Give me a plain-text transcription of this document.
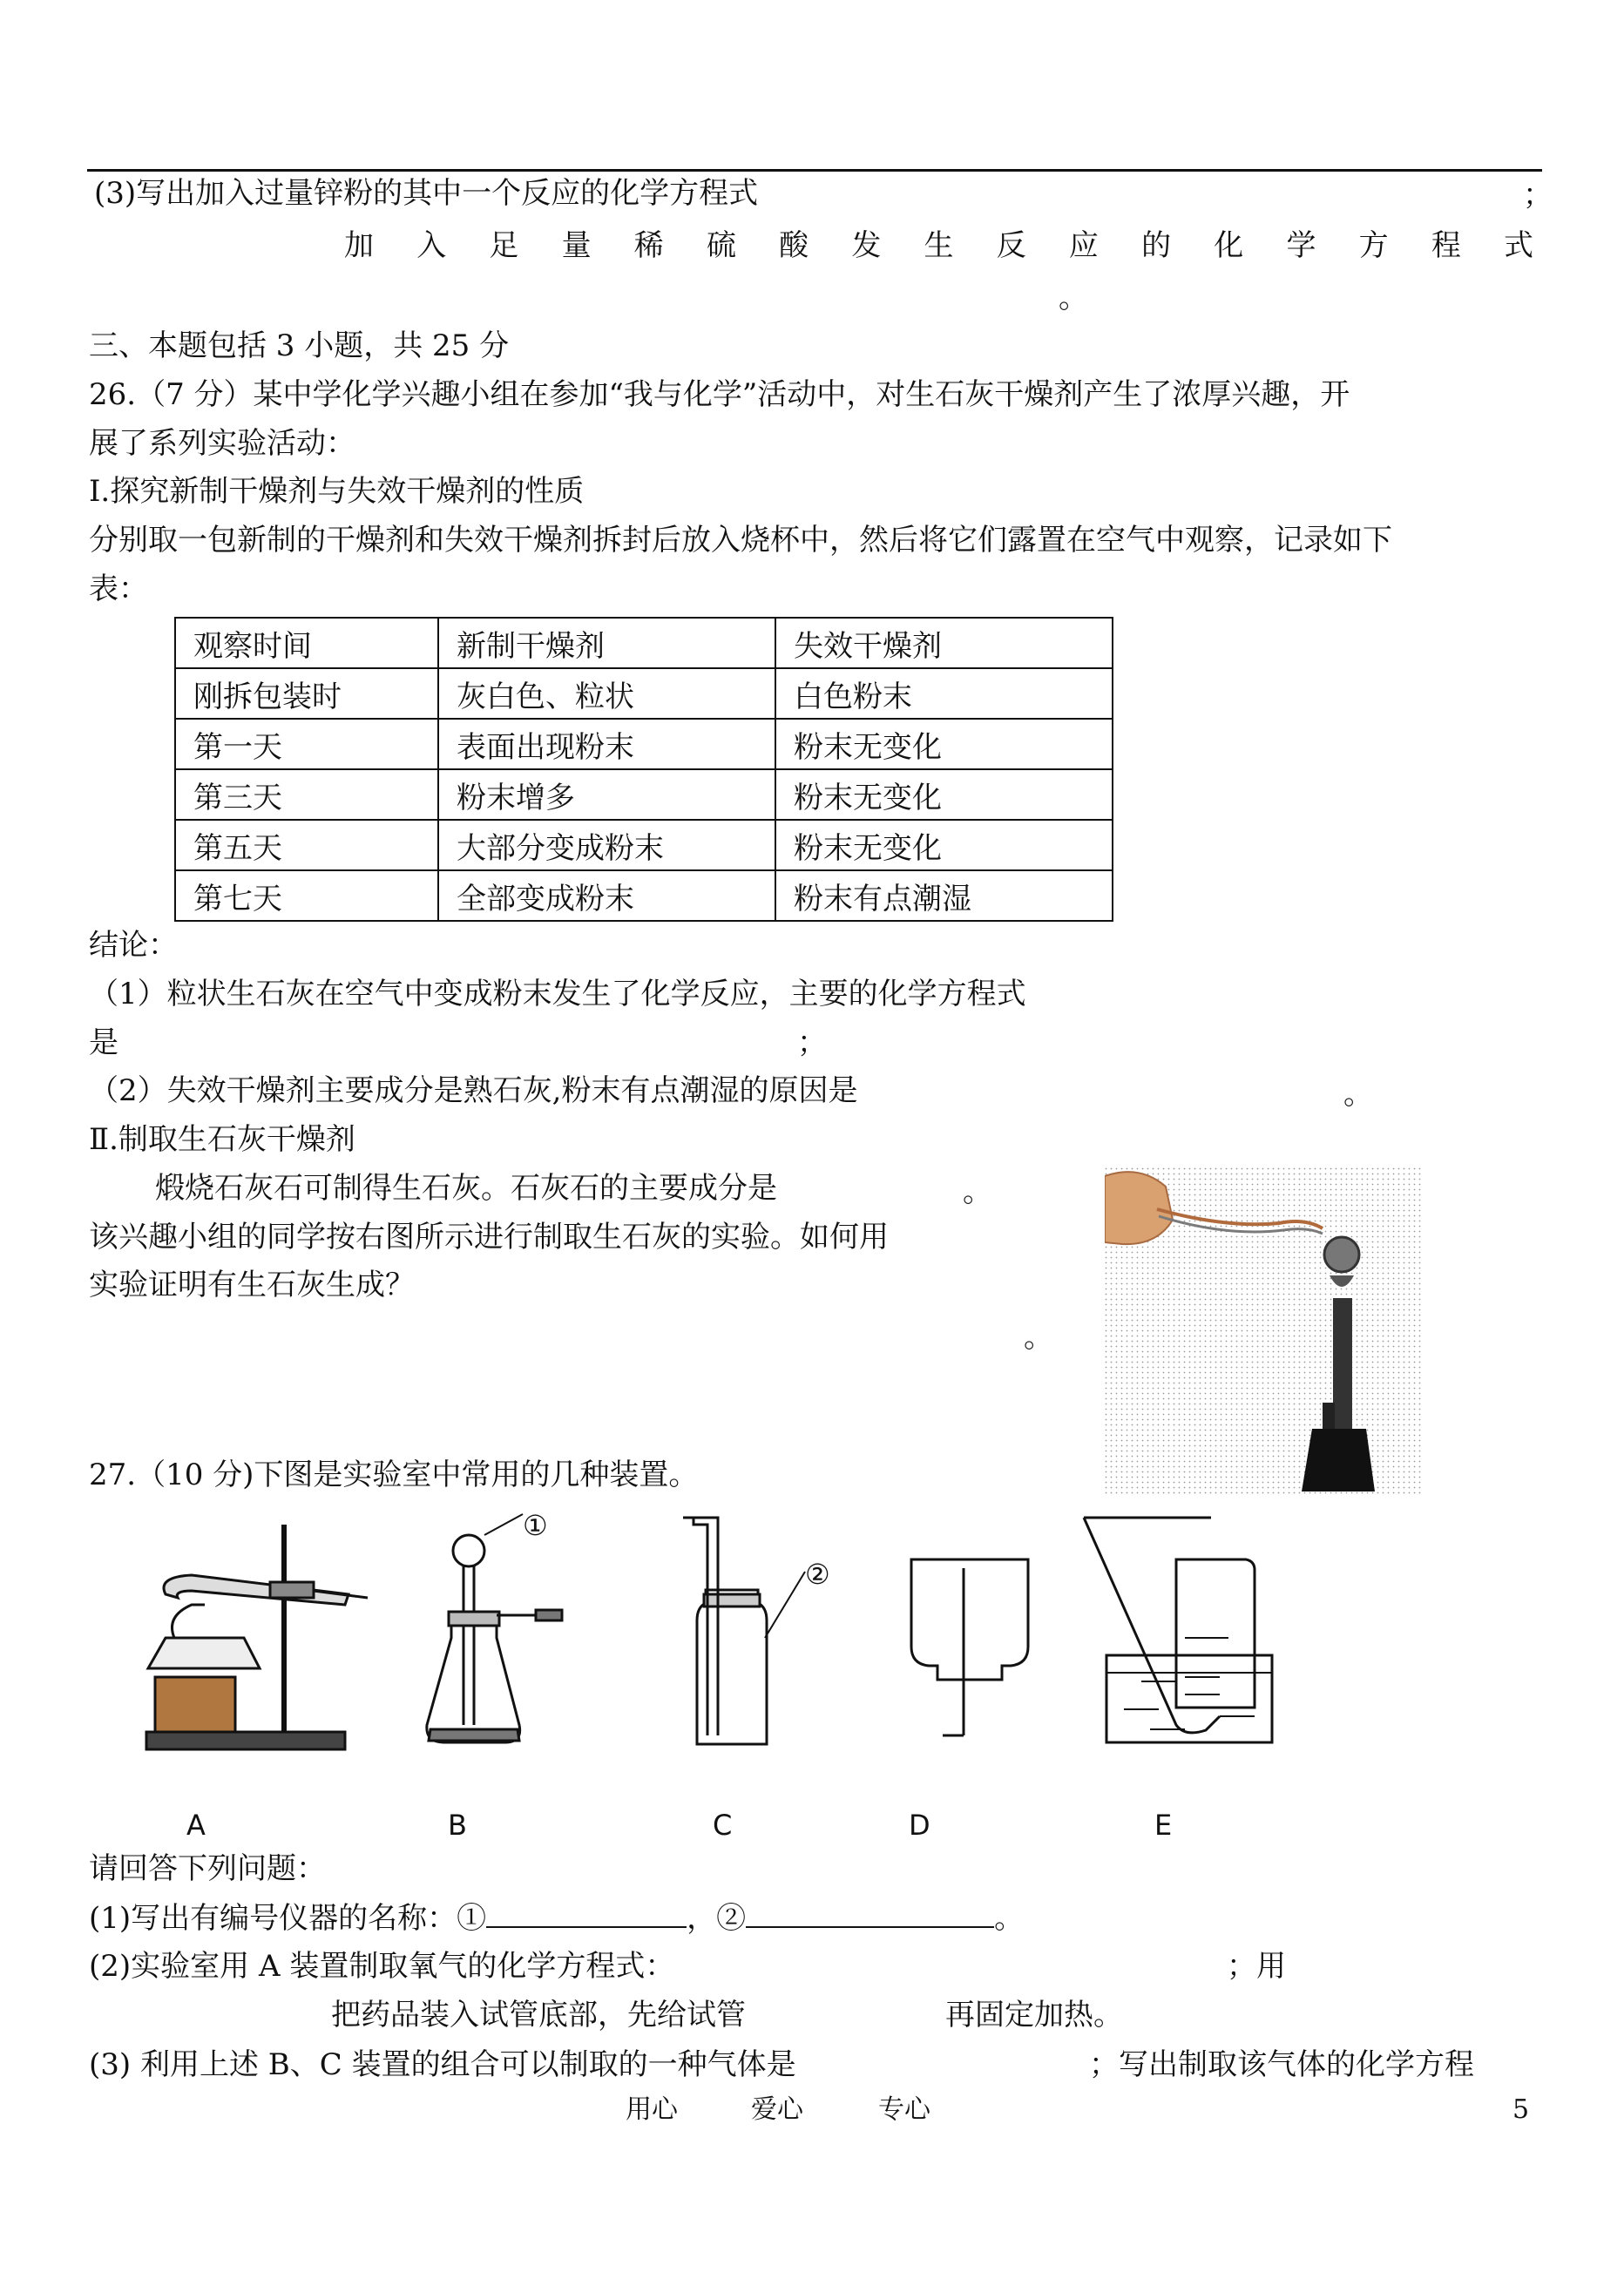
(3)写出加入过量锌粉的其中一个反应的化学方程式	；
加 入 足 量 稀 硫 酸 发 生 反 应 的 化 学 方 程 式
。
三、本题包括 3 小题，共 25 分
26.（7 分）某中学化学兴趣小组在参加“我与化学”活动中，对生石灰干燥剂产生了浓厚兴趣，开
展了系列实验活动：
Ⅰ.探究新制干燥剂与失效干燥剂的性质
分别取一包新制的干燥剂和失效干燥剂拆封后放入烧杯中，然后将它们露置在空气中观察，记录如下
表：
观察时间	新制干燥剂	失效干燥剂
刚拆包装时	灰白色、粒状	白色粉末
第一天	表面出现粉末	粉末无变化
第三天	粉末增多	粉末无变化
第五天	大部分变成粉末	粉末无变化
第七天	全部变成粉末	粉末有点潮湿
结论：
（1）粒状生石灰在空气中变成粉末发生了化学反应，主要的化学方程式
是	；
（2）失效干燥剂主要成分是熟石灰,粉末有点潮湿的原因是	。
Ⅱ.制取生石灰干燥剂
煅烧石灰石可制得生石灰。石灰石的主要成分是	。
该兴趣小组的同学按右图所示进行制取生石灰的实验。如何用
实验证明有生石灰生成？
。
27.（10 分)下图是实验室中常用的几种装置。
①
②
A	B	C	D	E
请回答下列问题：
(1)写出有编号仪器的名称：①	，②	。
(2)实验室用 A 装置制取氧气的化学方程式：	；用
把药品装入试管底部，先给试管	再固定加热。
(3) 利用上述 B、C 装置的组合可以制取的一种气体是	；写出制取该气体的化学方程
用心	爱心	专心	5
